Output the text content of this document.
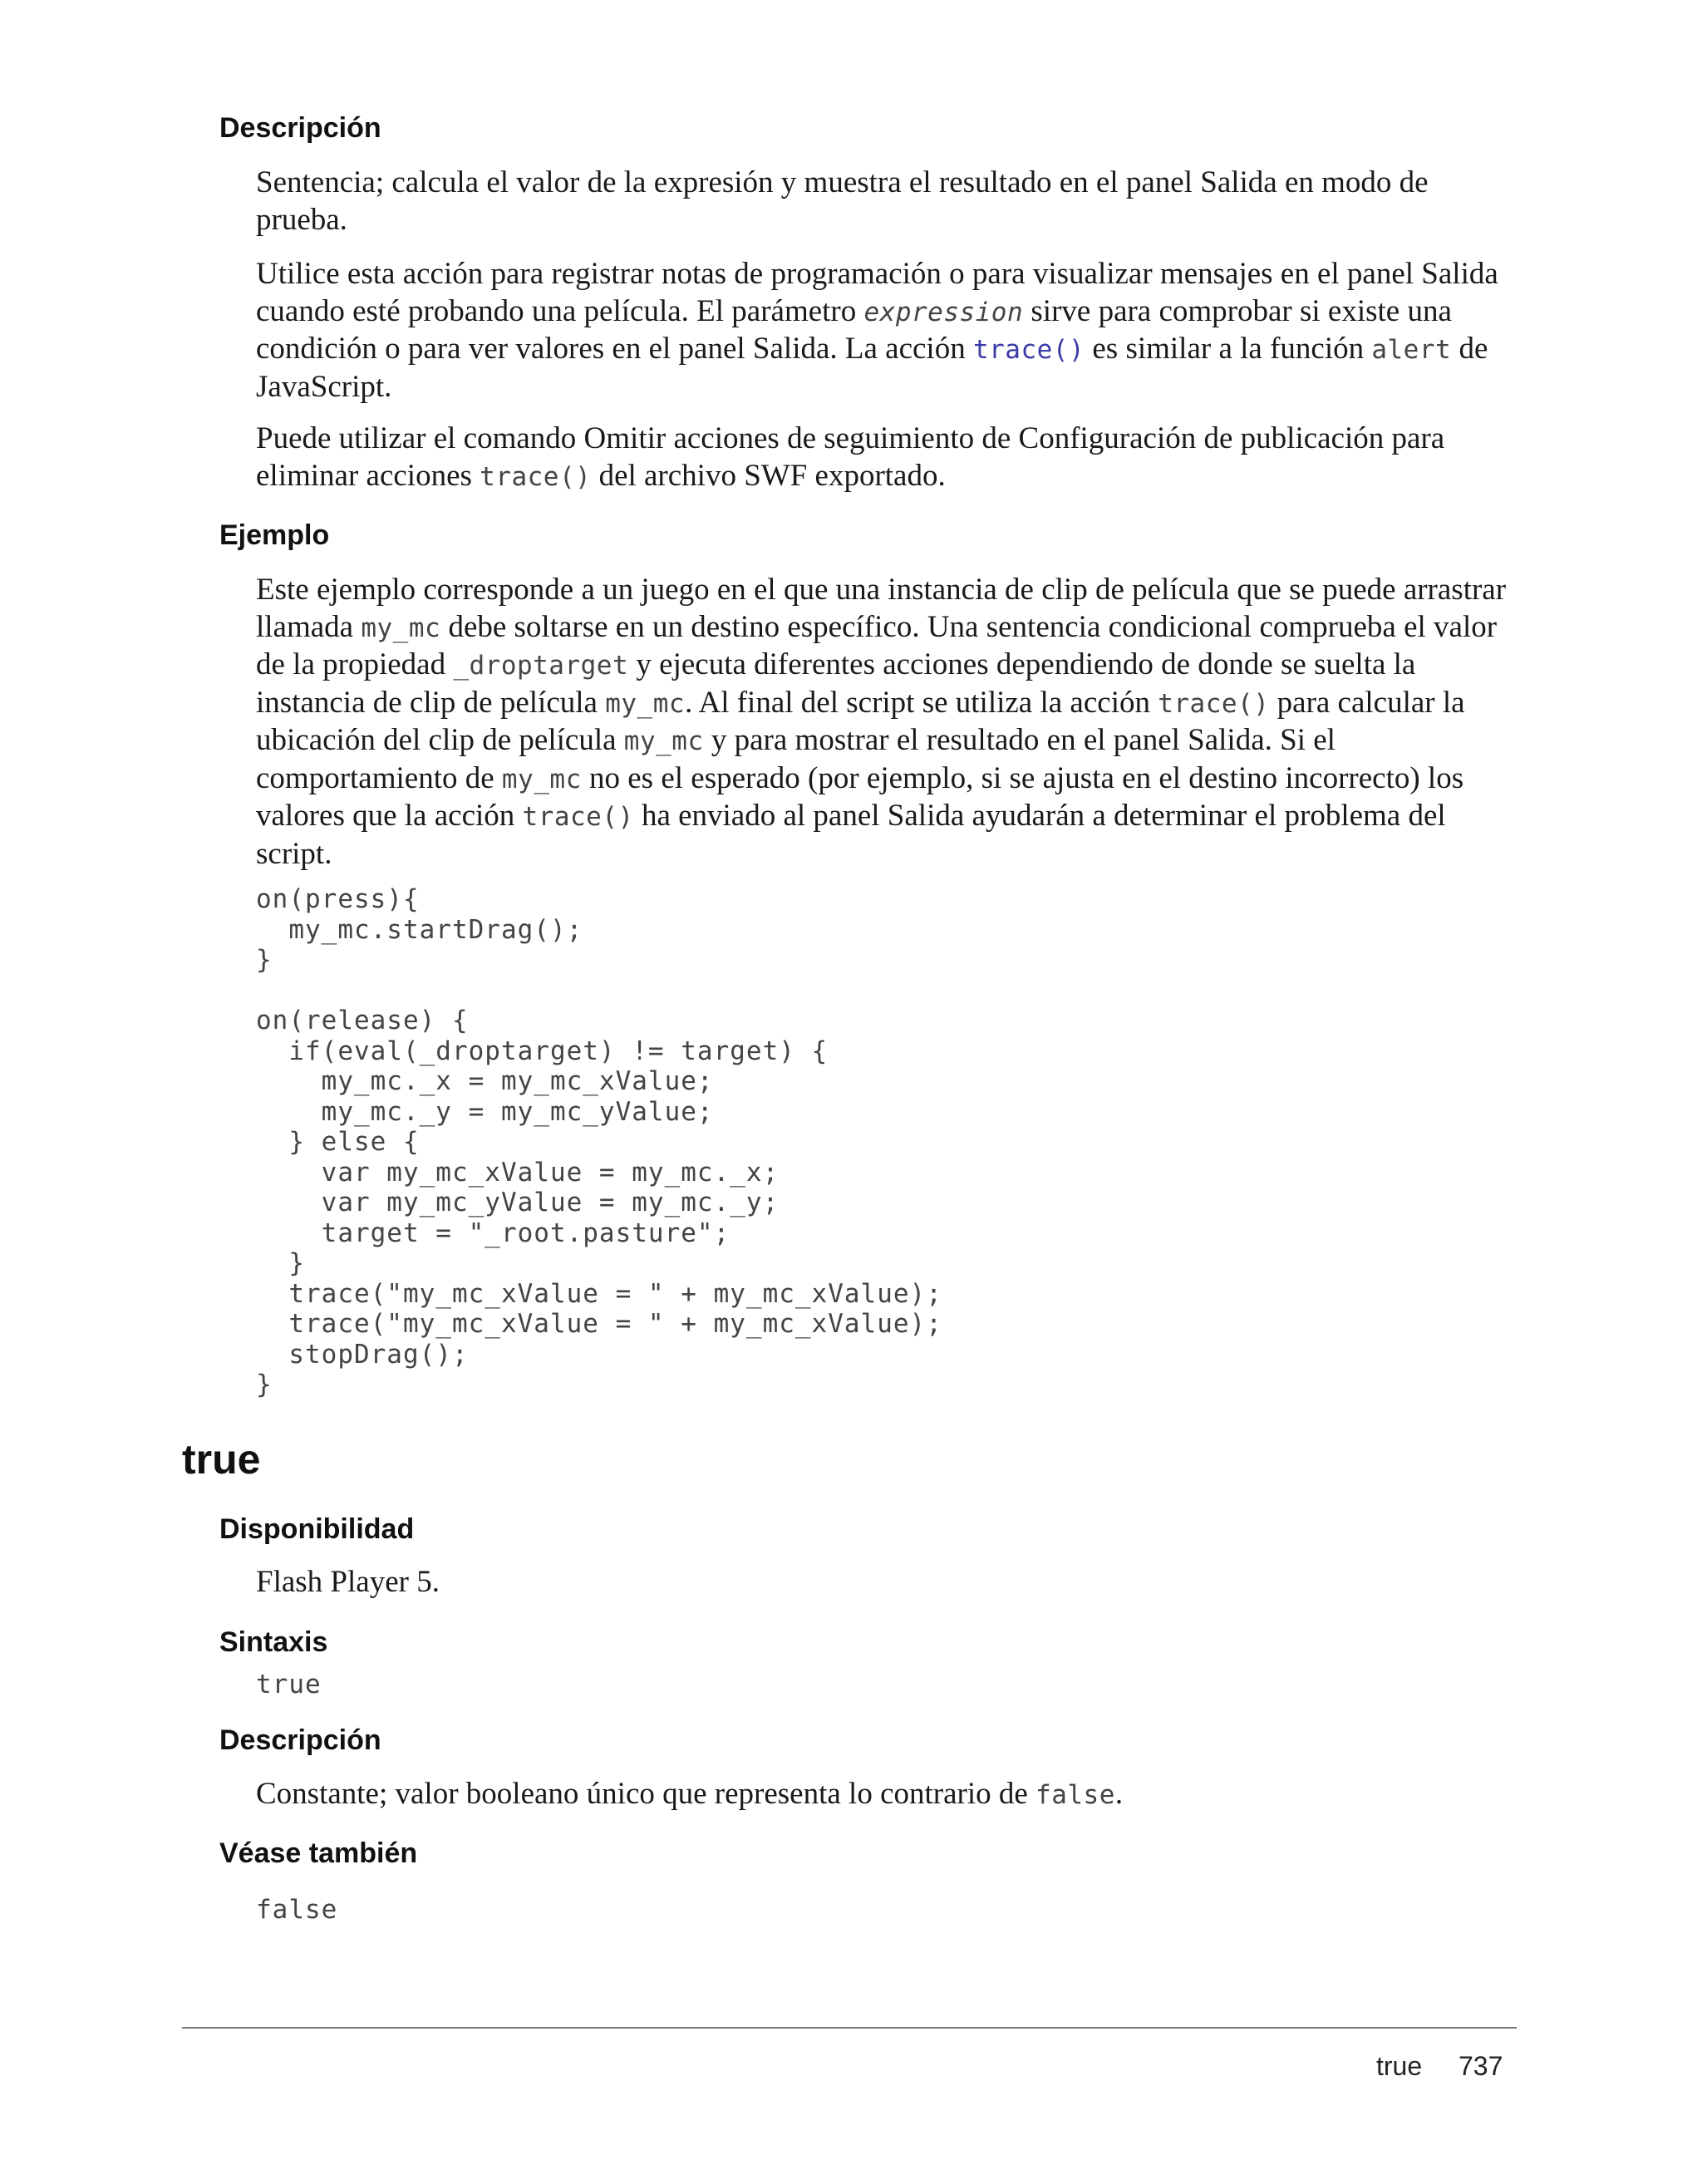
Descripción

Sentencia; calcula el valor de la expresión y muestra el resultado en el panel Salida en modo de prueba.

Utilice esta acción para registrar notas de programación o para visualizar mensajes en el panel Salida cuando esté probando una película. El parámetro expression sirve para comprobar si existe una condición o para ver valores en el panel Salida. La acción trace() es similar a la función alert de JavaScript.

Puede utilizar el comando Omitir acciones de seguimiento de Configuración de publicación para eliminar acciones trace() del archivo SWF exportado.

Ejemplo

Este ejemplo corresponde a un juego en el que una instancia de clip de película que se puede arrastrar llamada my_mc debe soltarse en un destino específico. Una sentencia condicional comprueba el valor de la propiedad _droptarget y ejecuta diferentes acciones dependiendo de donde se suelta la instancia de clip de película my_mc. Al final del script se utiliza la acción trace() para calcular la ubicación del clip de película my_mc y para mostrar el resultado en el panel Salida. Si el comportamiento de my_mc no es el esperado (por ejemplo, si se ajusta en el destino incorrecto) los valores que la acción trace() ha enviado al panel Salida ayudarán a determinar el problema del script.

on(press){
my_mc.startDrag();
}

on(release) {
if(eval(_droptarget) != target) {
my_mc._x = my_mc_xValue;
my_mc._y = my_mc_yValue;
} else {
var my_mc_xValue = my_mc._x;
var my_mc_yValue = my_mc._y;
target = "_root.pasture";
}
trace("my_mc_xValue = " + my_mc_xValue);
trace("my_mc_xValue = " + my_mc_xValue);
stopDrag();
}
true
Disponibilidad

Flash Player 5.

Sintaxis

true

Descripción

Constante; valor booleano único que representa lo contrario de false.

Véase también

false

true 737
